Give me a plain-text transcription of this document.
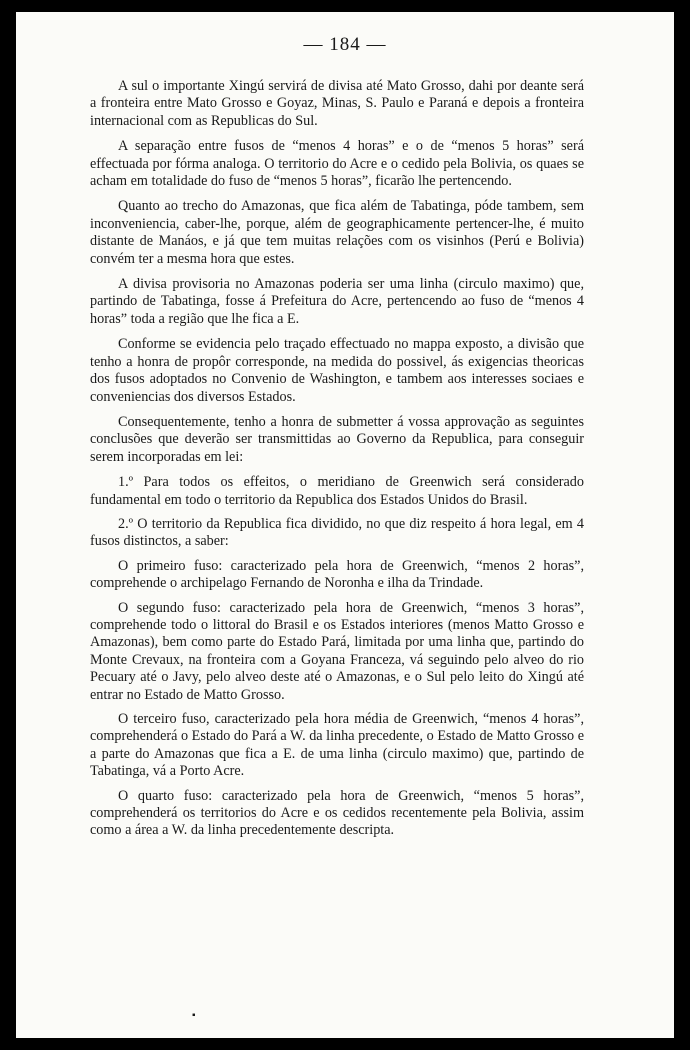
— 184 —

A sul o importante Xingú servirá de divisa até Mato Grosso, dahi por deante será a fronteira entre Mato Grosso e Goyaz, Minas, S. Paulo e Paraná e depois a fronteira internacional com as Republicas do Sul.

A separação entre fusos de “menos 4 horas” e o de “menos 5 horas” será effectuada por fórma analoga. O territorio do Acre e o cedido pela Bolivia, os quaes se acham em totalidade do fuso de “menos 5 horas”, ficarão lhe pertencendo.

Quanto ao trecho do Amazonas, que fica além de Tabatinga, póde tambem, sem inconveniencia, caber-lhe, porque, além de geographicamente pertencer-lhe, é muito distante de Manáos, e já que tem muitas relações com os visinhos (Perú e Bolivia) convém ter a mesma hora que estes.

A divisa provisoria no Amazonas poderia ser uma linha (circulo maximo) que, partindo de Tabatinga, fosse á Prefeitura do Acre, pertencendo ao fuso de “menos 4 horas” toda a região que lhe fica a E.

Conforme se evidencia pelo traçado effectuado no mappa exposto, a divisão que tenho a honra de propôr corresponde, na medida do possivel, ás exigencias theoricas dos fusos adoptados no Convenio de Washington, e tambem aos interesses sociaes e conveniencias dos diversos Estados.

Consequentemente, tenho a honra de submetter á vossa approvação as seguintes conclusões que deverão ser transmittidas ao Governo da Republica, para conseguir serem incorporadas em lei:

1.º Para todos os effeitos, o meridiano de Greenwich será considerado fundamental em todo o territorio da Republica dos Estados Unidos do Brasil.

2.º O territorio da Republica fica dividido, no que diz respeito á hora legal, em 4 fusos distinctos, a saber:

O primeiro fuso: caracterizado pela hora de Greenwich, “menos 2 horas”, comprehende o archipelago Fernando de Noronha e ilha da Trindade.

O segundo fuso: caracterizado pela hora de Greenwich, “menos 3 horas”, comprehende todo o littoral do Brasil e os Estados interiores (menos Matto Grosso e Amazonas), bem como parte do Estado Pará, limitada por uma linha que, partindo do Monte Crevaux, na fronteira com a Goyana Franceza, vá seguindo pelo alveo do rio Pecuary até o Javy, pelo alveo deste até o Amazonas, e o Sul pelo leito do Xingú até entrar no Estado de Matto Grosso.

O terceiro fuso, caracterizado pela hora média de Greenwich, “menos 4 horas”, comprehenderá o Estado do Pará a W. da linha precedente, o Estado de Matto Grosso e a parte do Amazonas que fica a E. de uma linha (circulo maximo) que, partindo de Tabatinga, vá a Porto Acre.

O quarto fuso: caracterizado pela hora de Greenwich, “menos 5 horas”, comprehenderá os territorios do Acre e os cedidos recentemente pela Bolivia, assim como a área a W. da linha precedentemente descripta.

▪
